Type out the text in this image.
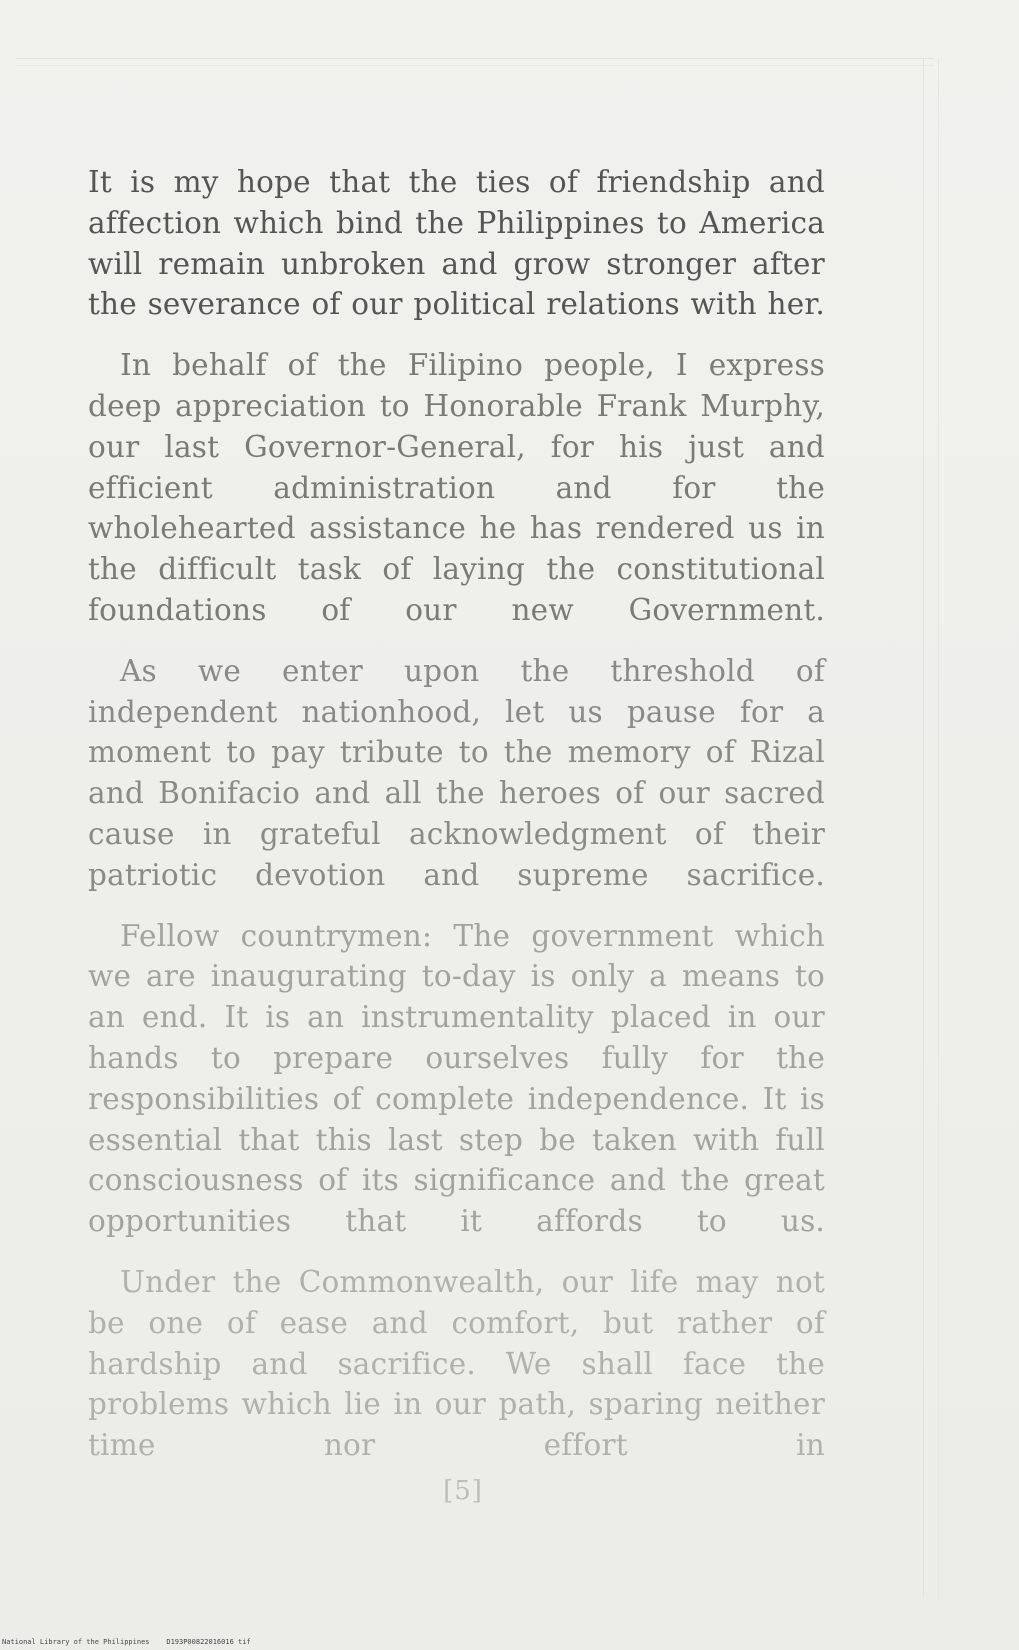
It is my hope that the ties of friendship and affection which bind the Philippines to America will remain unbroken and grow stronger after the severance of our political relations with her.

In behalf of the Filipino people, I express deep appreciation to Honorable Frank Murphy, our last Governor-General, for his just and efficient administration and for the wholehearted assistance he has rendered us in the difficult task of laying the constitutional foundations of our new Government.

As we enter upon the threshold of independent nationhood, let us pause for a moment to pay tribute to the memory of Rizal and Bonifacio and all the heroes of our sacred cause in grateful acknowledgment of their patriotic devotion and supreme sacrifice.

Fellow countrymen: The government which we are inaugurating to-day is only a means to an end. It is an instrumentality placed in our hands to prepare ourselves fully for the responsibilities of complete independence. It is essential that this last step be taken with full consciousness of its significance and the great opportunities that it affords to us.

Under the Commonwealth, our life may not be one of ease and comfort, but rather of hardship and sacrifice. We shall face the problems which lie in our path, sparing neither time nor effort in

[5]
National Library of the Philippines    D193P00822016016 tif
